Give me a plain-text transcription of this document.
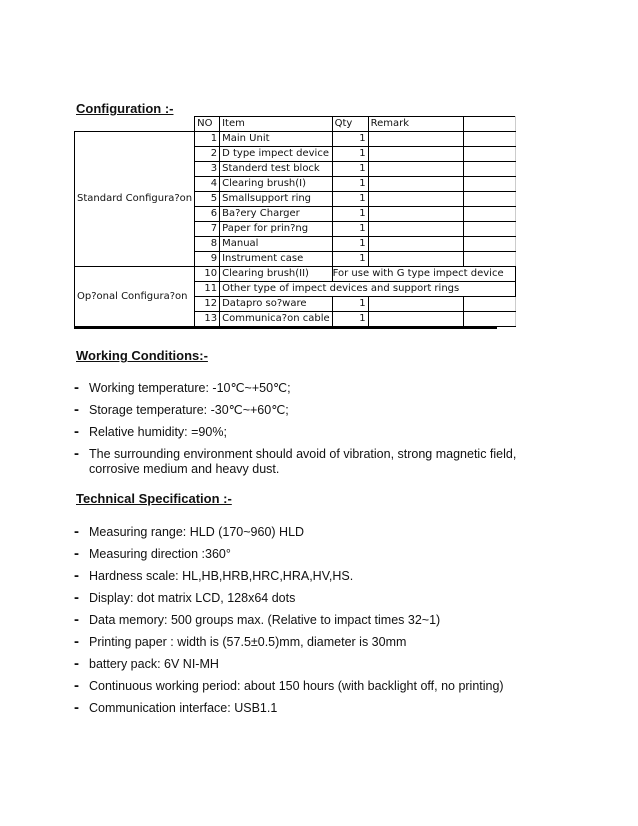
Configuration :-
	NO	Item	Qty	Remark	
Standard Configura?on	1	Main Unit	1		
	2	D type impect device	1		
	3	Standerd test block	1		
	4	Clearing brush(I)	1		
	5	Smallsupport ring	1		
	6	Ba?ery Charger	1		
	7	Paper for prin?ng	1		
	8	Manual	1		
	9	Instrument case	1		
Op?onal Configura?on	10	Clearing brush(II)	For use with G type impect device		
	11	Other type of impect devices and support rings			
	12	Datapro so?ware	1		
	13	Communica?on cable	1		
Working Conditions:-
- Working temperature: -10℃~+50℃;
- Storage temperature: -30℃~+60℃;
- Relative humidity: =90%;
- The surrounding environment should avoid of vibration, strong magnetic field, corrosive medium and heavy dust.
Technical Specification :-
- Measuring range: HLD (170~960) HLD
- Measuring direction :360°
- Hardness scale: HL,HB,HRB,HRC,HRA,HV,HS.
- Display: dot matrix LCD, 128x64 dots
- Data memory: 500 groups max. (Relative to impact times 32~1)
- Printing paper : width is (57.5±0.5)mm, diameter is 30mm
- battery pack: 6V NI-MH
- Continuous working period: about 150 hours (with backlight off, no printing)
- Communication interface: USB1.1
